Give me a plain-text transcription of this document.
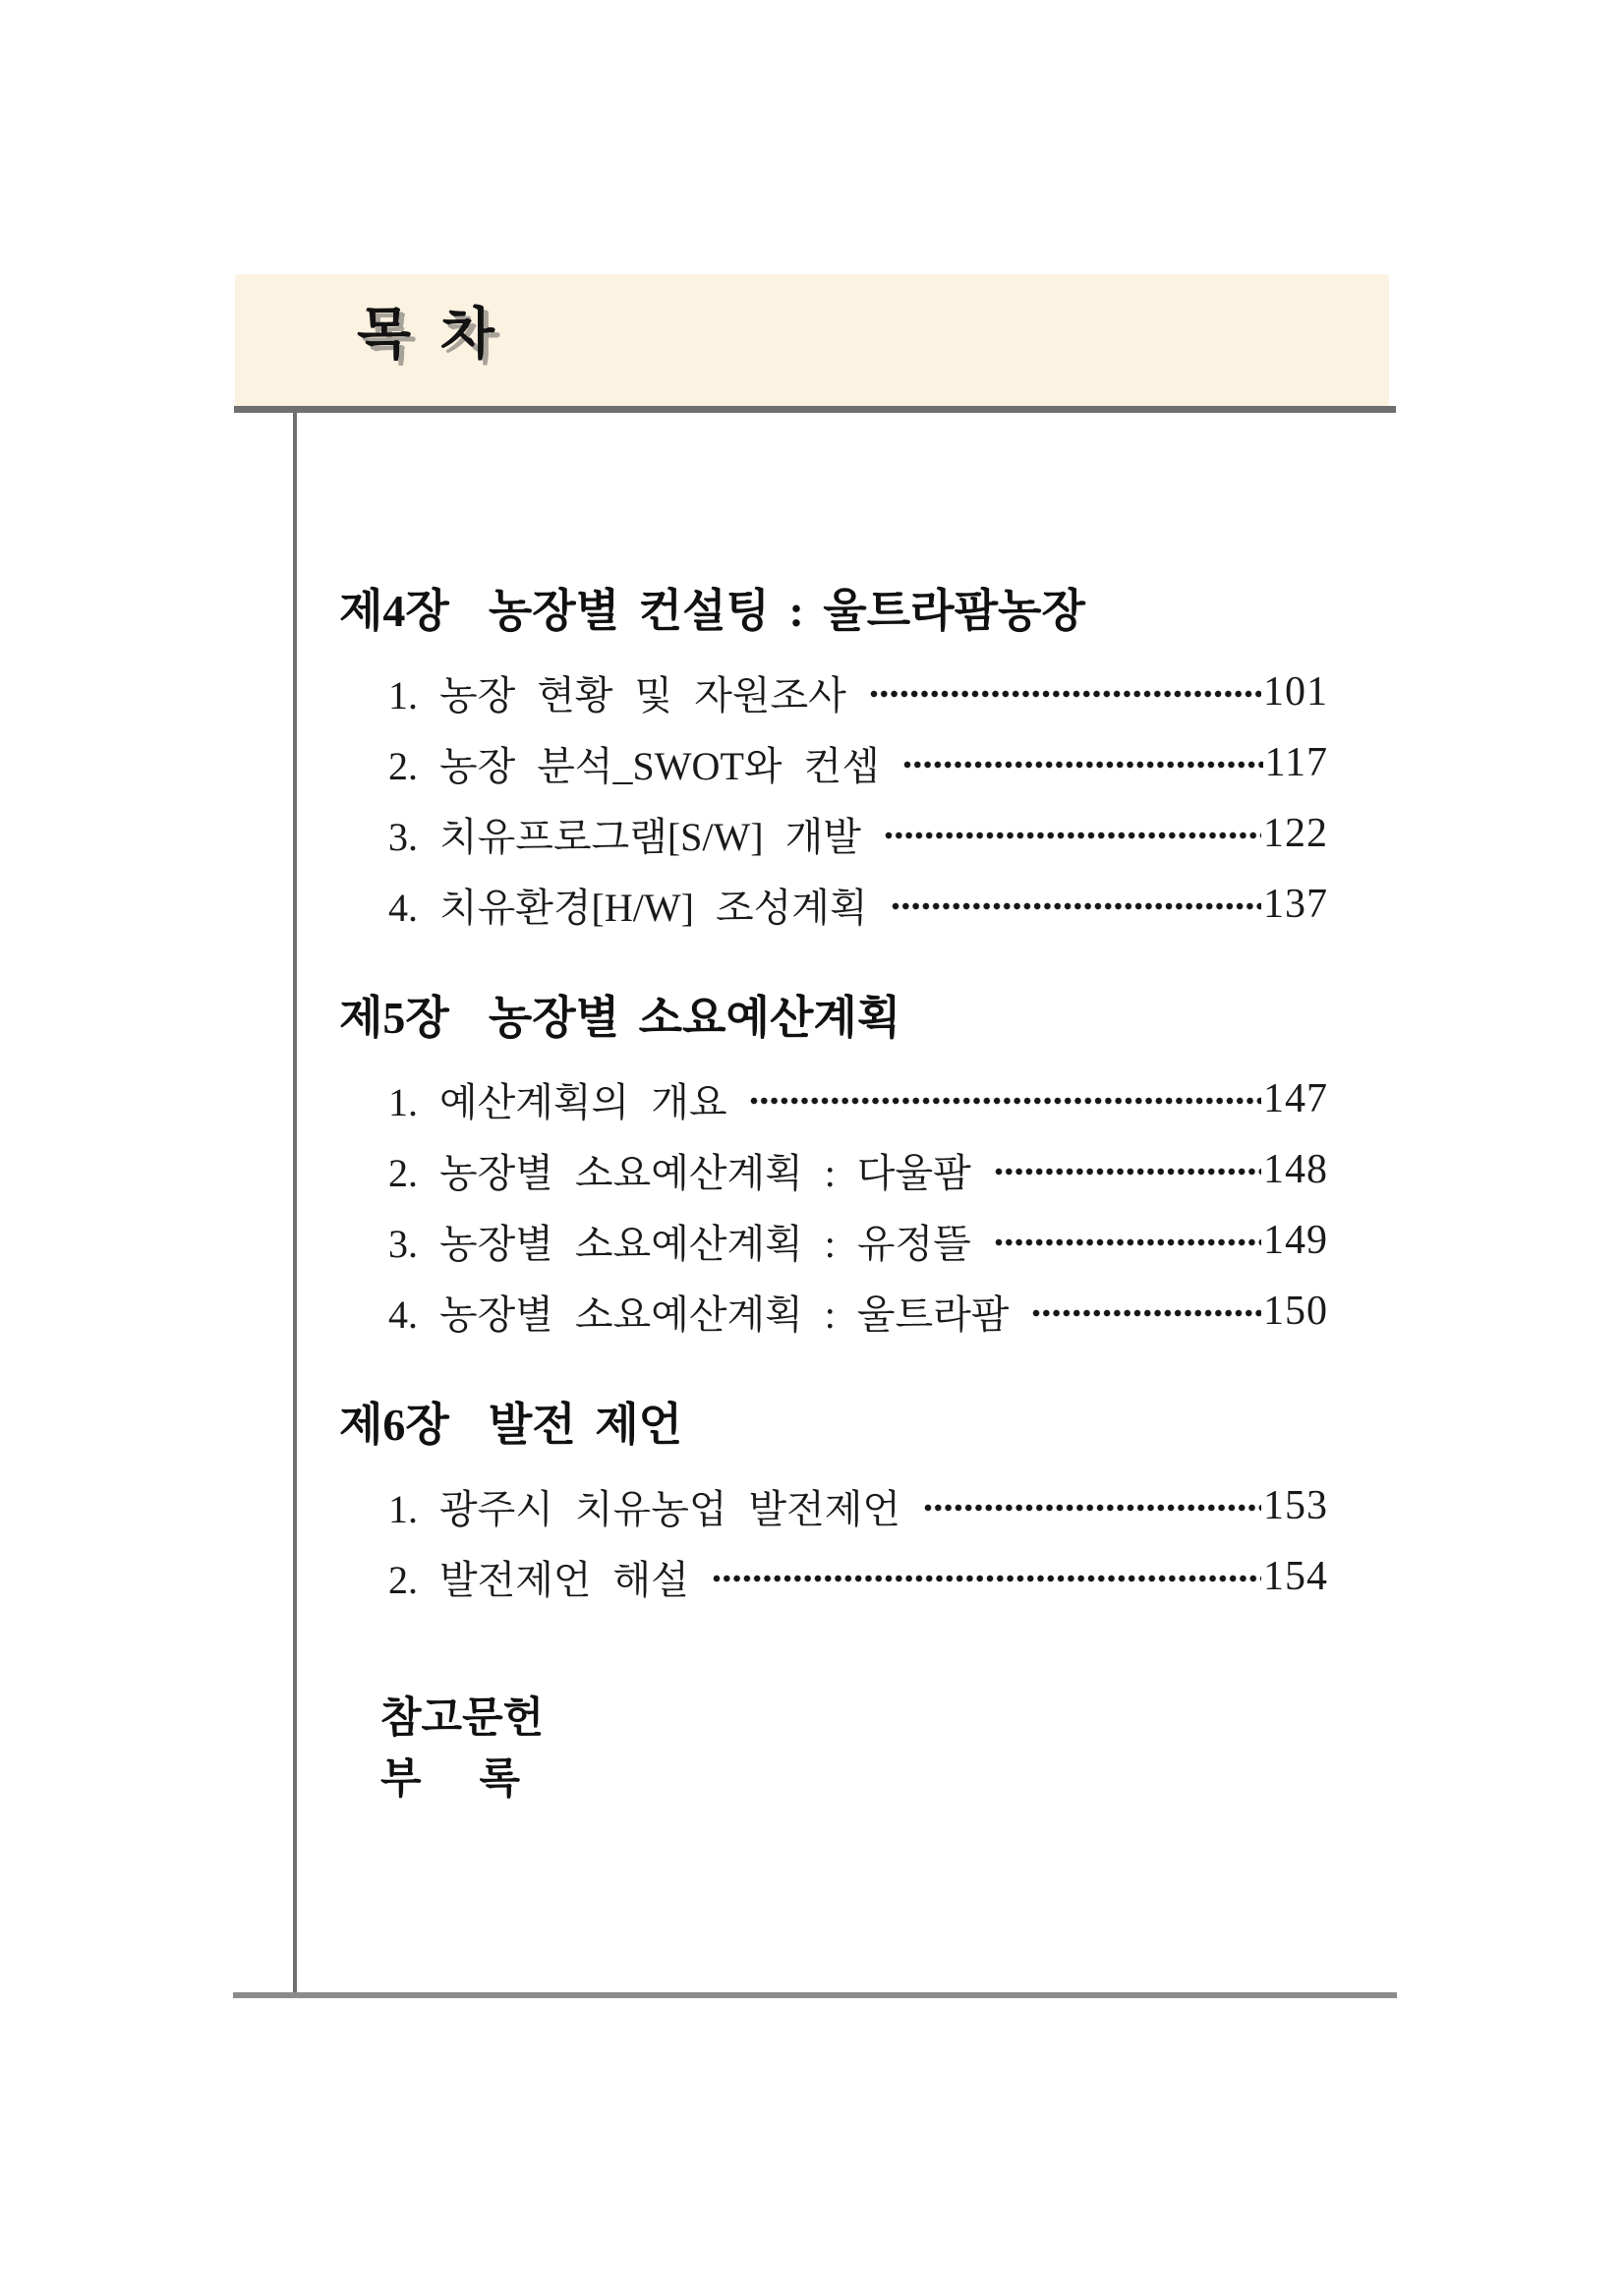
목 차
제4장 농장별 컨설팅 : 울트라팜농장
1. 농장 현황 및 자원조사	101
2. 농장 분석_SWOT와 컨셉	117
3. 치유프로그램[S/W] 개발	122
4. 치유환경[H/W] 조성계획	137
제5장 농장별 소요예산계획
1. 예산계획의 개요	147
2. 농장별 소요예산계획 : 다울팜	148
3. 농장별 소요예산계획 : 유정뜰	149
4. 농장별 소요예산계획 : 울트라팜	150
제6장 발전 제언
1. 광주시 치유농업 발전제언	153
2. 발전제언 해설	154
참고문헌
부 록
